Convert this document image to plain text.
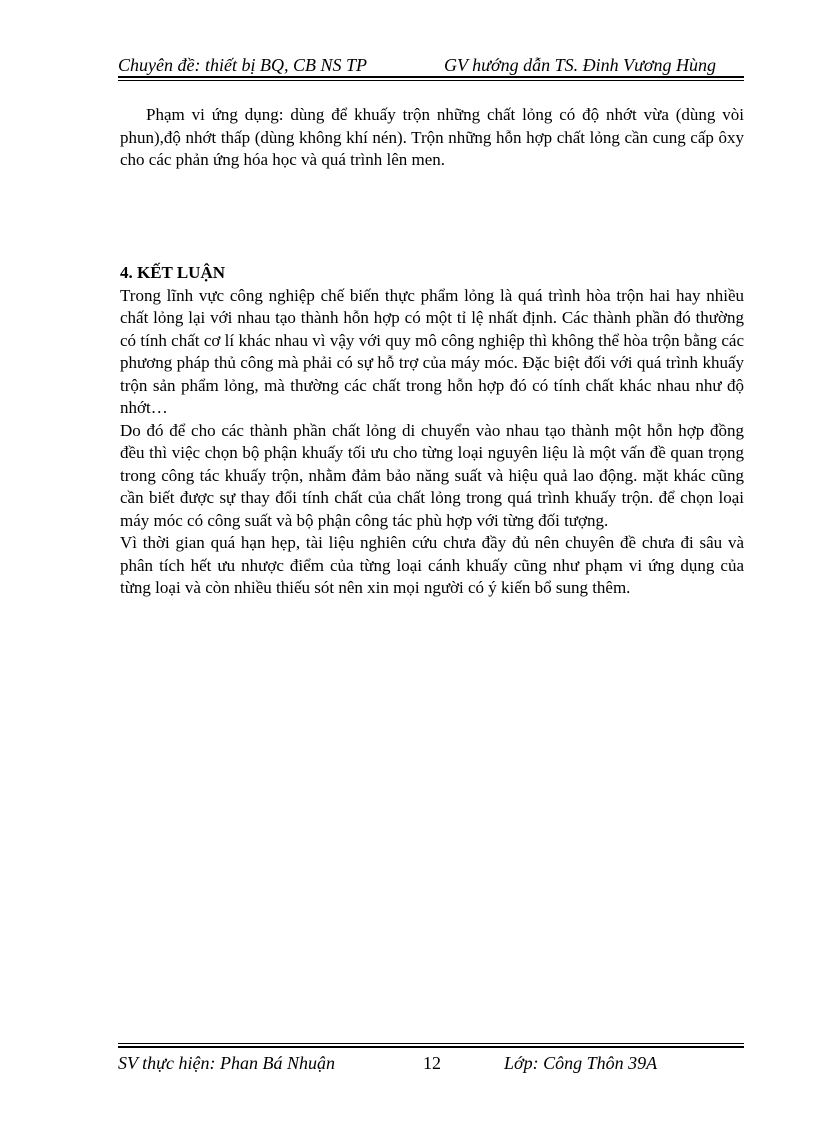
Chuyên đề: thiết bị BQ, CB NS TP	GV hướng dẫn TS. Đinh Vương Hùng

Phạm vi ứng dụng: dùng để khuấy trộn những chất lỏng có độ nhớt vừa (dùng vòi phun),độ nhớt thấp (dùng không khí nén). Trộn những hỗn hợp chất lỏng cần cung cấp ôxy cho các phản ứng hóa học và quá trình lên men.

4. KẾT LUẬN

Trong lĩnh vực công nghiệp chế biến thực phẩm lỏng là quá trình hòa trộn hai hay nhiều chất lỏng lại với nhau tạo thành hỗn hợp có một tỉ lệ nhất định. Các thành phần đó thường có tính chất cơ lí khác nhau vì vậy với quy mô công nghiệp thì không thể hòa trộn bằng các phương pháp thủ công mà phải có sự hỗ trợ của máy móc. Đặc biệt đối với quá trình khuấy trộn sản phẩm lỏng, mà thường các chất trong hỗn hợp đó có tính chất khác nhau như độ nhớt…

Do đó để cho các thành phần chất lỏng di chuyển vào nhau tạo thành một hỗn hợp đồng đều thì việc chọn bộ phận khuấy tối ưu cho từng loại nguyên liệu là một vấn đề quan trọng trong công tác khuấy trộn, nhằm đảm bảo năng suất và hiệu quả lao động. mặt khác cũng cần biết được sự thay đổi tính chất của chất lỏng trong quá trình khuấy trộn. để chọn loại máy móc có công suất và bộ phận công tác phù hợp với từng đối tượng.

Vì thời gian quá hạn hẹp, tài liệu nghiên cứu chưa đầy đủ nên chuyên đề chưa đi sâu và phân tích hết ưu nhược điểm của từng loại cánh khuấy cũng như phạm vi ứng dụng của từng loại và còn nhiều thiếu sót nên xin mọi người có ý kiến bổ sung thêm.

SV thực hiện: Phan Bá Nhuận	12	Lớp: Công Thôn 39A
